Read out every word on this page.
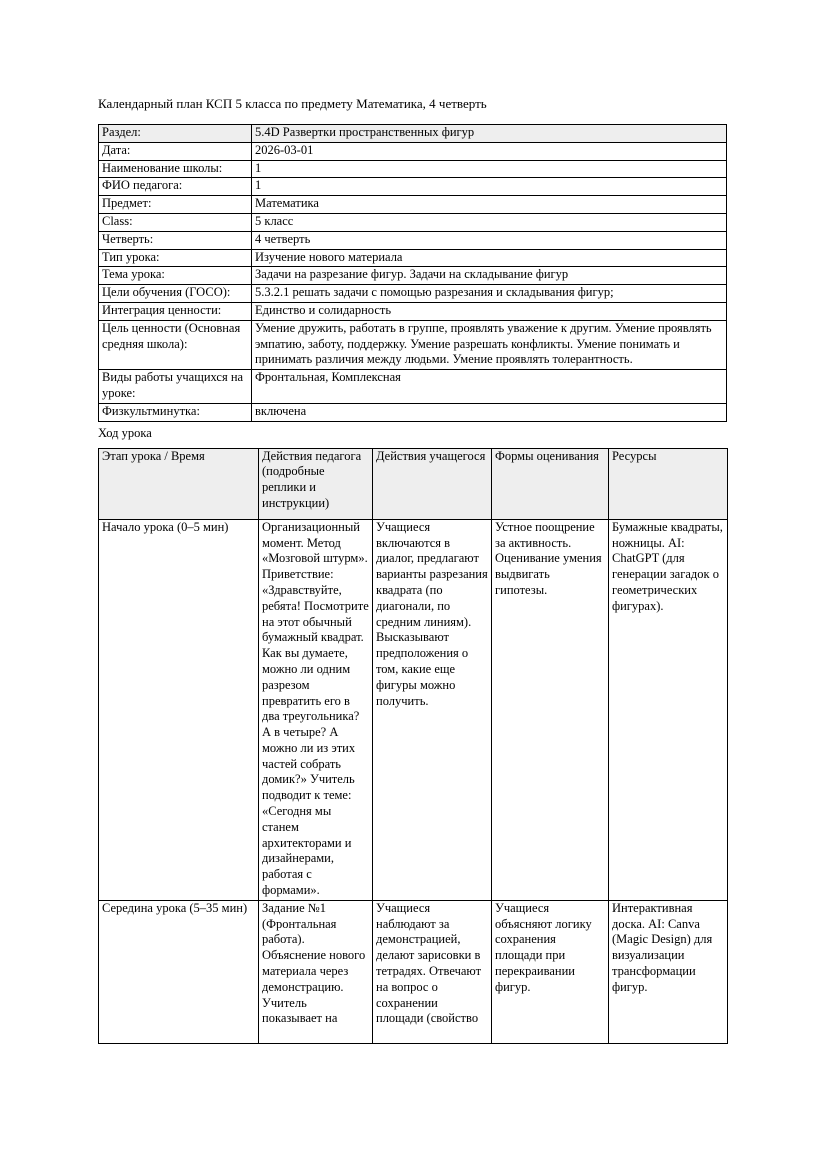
Календарный план КСП 5 класса по предмету Математика, 4 четверть

Раздел:	5.4D Развертки пространственных фигур
Дата:	2026-03-01
Наименование школы:	1
ФИО педагога:	1
Предмет:	Математика
Class:	5 класс
Четверть:	4 четверть
Тип урока:	Изучение нового материала
Тема урока:	Задачи на разрезание фигур. Задачи на складывание фигур
Цели обучения (ГОСО):	5.3.2.1 решать задачи с помощью разрезания и складывания фигур;
Интеграция ценности:	Единство и солидарность
Цель ценности (Основная средняя школа):	Умение дружить, работать в группе, проявлять уважение к другим. Умение проявлять эмпатию, заботу, поддержку. Умение разрешать конфликты. Умение понимать и принимать различия между людьми. Умение проявлять толерантность.
Виды работы учащихся на уроке:	Фронтальная, Комплексная
Физкультминутка:	включена

Ход урока

Этап урока / Время	Действия педагога (подробные реплики и инструкции)	Действия учащегося	Формы оценивания	Ресурсы
Начало урока (0–5 мин)	Организационный момент. Метод «Мозговой штурм». Приветствие: «Здравствуйте, ребята! Посмотрите на этот обычный бумажный квадрат. Как вы думаете, можно ли одним разрезом превратить его в два треугольника? А в четыре? А можно ли из этих частей собрать домик?» Учитель подводит к теме: «Сегодня мы станем архитекторами и дизайнерами, работая с формами».	Учащиеся включаются в диалог, предлагают варианты разрезания квадрата (по диагонали, по средним линиям). Высказывают предположения о том, какие еще фигуры можно получить.	Устное поощрение за активность. Оценивание умения выдвигать гипотезы.	Бумажные квадраты, ножницы. AI: ChatGPT (для генерации загадок о геометрических фигурах).

Середина урока (5–35 мин)	Задание №1 (Фронтальная работа). Объяснение нового материала через демонстрацию. Учитель показывает на	Учащиеся наблюдают за демонстрацией, делают зарисовки в тетрадях. Отвечают на вопрос о сохранении площади (свойство	Учащиеся объясняют логику сохранения площади при перекраивании фигур.	Интерактивная доска. AI: Canva (Magic Design) для визуализации трансформации фигур.
